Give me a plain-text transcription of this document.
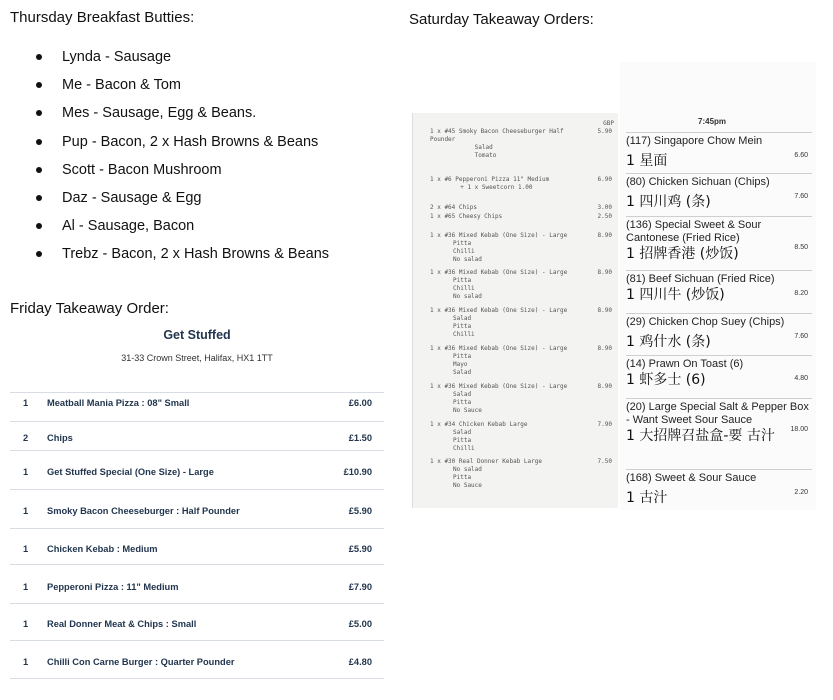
Thursday Breakfast Butties:
Lynda - Sausage
Me - Bacon & Tom
Mes - Sausage, Egg & Beans.
Pup - Bacon, 2 x Hash Browns & Beans
Scott - Bacon Mushroom
Daz - Sausage & Egg
Al - Sausage, Bacon
Trebz - Bacon, 2 x Hash Browns & Beans
Friday Takeaway Order:
Get Stuffed
31-33 Crown Street, Halifax, HX1 1TT
1 Meatball Mania Pizza : 08" Small	£6.00
2 Chips	£1.50
1 Get Stuffed Special (One Size) - Large	£10.90
1 Smoky Bacon Cheeseburger : Half Pounder	£5.90
1 Chicken Kebab : Medium	£5.90
1 Pepperoni Pizza : 11" Medium	£7.90
1 Real Donner Meat & Chips : Small	£5.00
1 Chilli Con Carne Burger : Quarter Pounder	£4.80
Saturday Takeaway Orders:
GBP
1 x #45 Smoky Bacon Cheeseburger Half	5.90
Pounder
Salad
Tomato
1 x #6 Pepperoni Pizza 11" Medium	6.90
+ 1 x Sweetcorn 1.00
2 x #64 Chips	3.00
1 x #65 Cheesy Chips	2.50
1 x #36 Mixed Kebab (One Size) - Large	8.90
Pitta
Chilli
No salad
1 x #36 Mixed Kebab (One Size) - Large	8.90
Pitta
Chilli
No salad
1 x #36 Mixed Kebab (One Size) - Large	8.90
Salad
Pitta
Chilli
1 x #36 Mixed Kebab (One Size) - Large	8.90
Pitta
Mayo
Salad
1 x #36 Mixed Kebab (One Size) - Large	8.90
Salad
Pitta
No Sauce
1 x #34 Chicken Kebab Large	7.90
Salad
Pitta
Chilli
1 x #30 Real Donner Kebab Large	7.50
No salad
Pitta
No Sauce
7:45pm
(117) Singapore Chow Mein
1 星面	6.60
(80) Chicken Sichuan (Chips)
1 四川鸡 (条)	7.60
(136) Special Sweet & Sour Cantonese (Fried Rice)
1 招牌香港 (炒饭)	8.50
(81) Beef Sichuan (Fried Rice)
1 四川牛 (炒饭)	8.20
(29) Chicken Chop Suey (Chips)
1 鸡什水 (条)	7.60
(14) Prawn On Toast (6)
1 虾多士 (6)	4.80
(20) Large Special Salt & Pepper Box - Want Sweet Sour Sauce
1 大招牌召盐盒-要 古汁 18.00
(168) Sweet & Sour Sauce
1 古汁	2.20
